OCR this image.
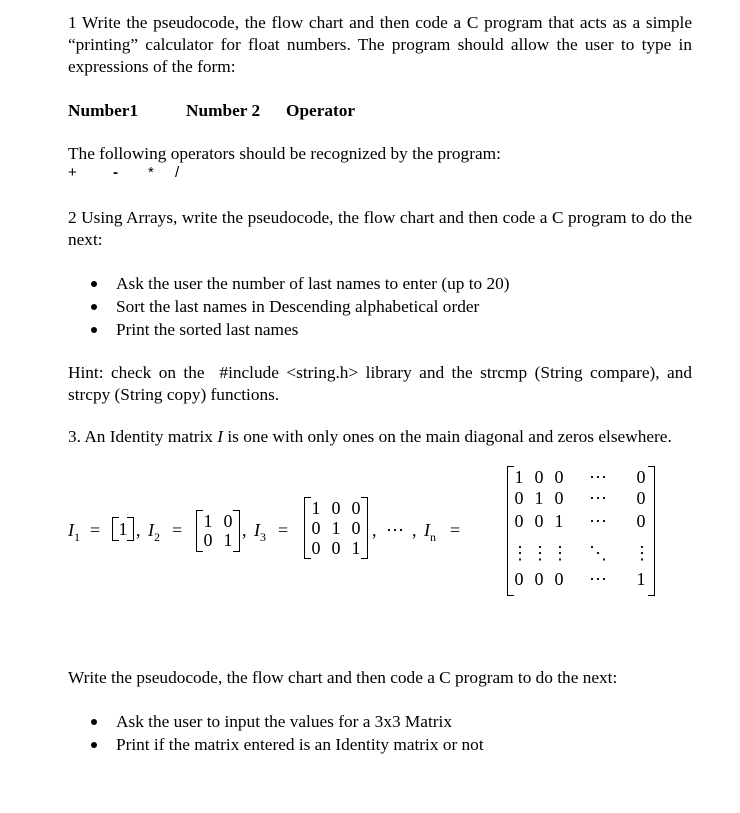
1 Write the pseudocode, the flow chart and then code a C program that acts as a simple “printing” calculator for float numbers. The program should allow the user to type in expressions of the form:

Number1	Number 2 Operator

The following operators should be recognized by the program:

+ - * /

2 Using Arrays, write the pseudocode, the flow chart and then code a C program to do the next:

Ask the user the number of last names to enter (up to 20)
Sort the last names in Descending alphabetical order
Print the sorted last names

Hint: check on the  #include <string.h> library and the strcmp (String compare), and strcpy (String copy) functions.

3. An Identity matrix I is one with only ones on the main diagonal and zeros elsewhere.

$I_1 = 1$ , $I_2 = 1$ 0
0 1 , $I_3$ =
1 0 0
0 1 0
0 0 1
, ⋯ , $I_n$ =
1 0 0 ⋯ 0
0 1 0 ⋯ 0
0 0 1 ⋯ 0
⋮ ⋮ ⋮ ⋱ ⋮
0 0 0 ⋯ 1

Write the pseudocode, the flow chart and then code a C program to do the next:

Ask the user to input the values for a 3x3 Matrix
Print if the matrix entered is an Identity matrix or not
